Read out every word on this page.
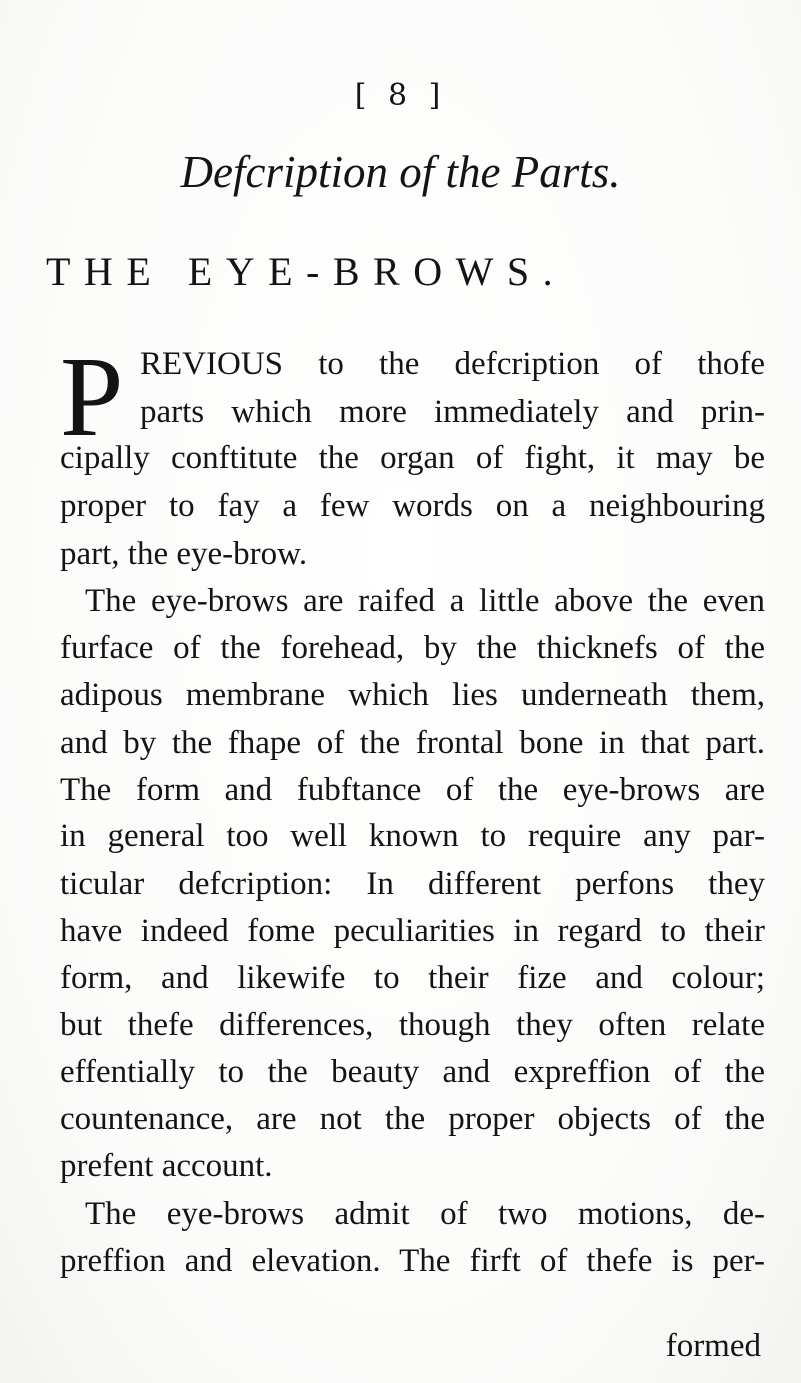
[ 8 ]
Defcription of the Parts.
THE EYE-BROWS.
P REVIOUS to the defcription of thofe
parts which more immediately and prin-
cipally conftitute the organ of fight, it may be
proper to fay a few words on a neighbouring
part, the eye-brow.
The eye-brows are raifed a little above the even
furface of the forehead, by the thicknefs of the
adipous membrane which lies underneath them,
and by the fhape of the frontal bone in that part.
The form and fubftance of the eye-brows are
in general too well known to require any par-
ticular defcription: In different perfons they
have indeed fome peculiarities in regard to their
form, and likewife to their fize and colour;
but thefe differences, though they often relate
effentially to the beauty and expreffion of the
countenance, are not the proper objects of the
prefent account.
The eye-brows admit of two motions, de-
preffion and elevation. The firft of thefe is per-
formed
